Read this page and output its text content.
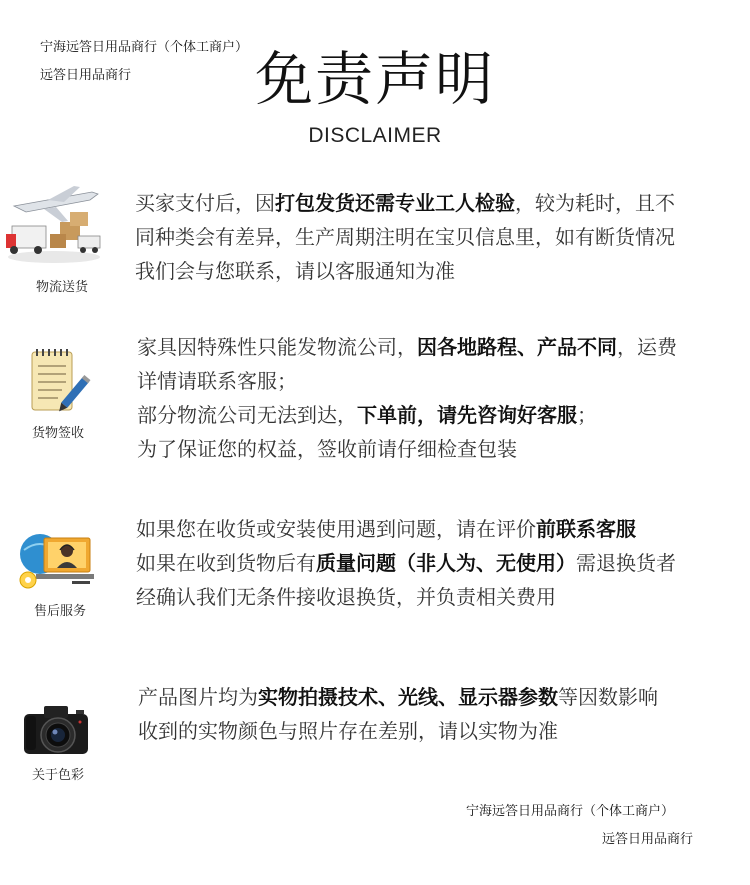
宁海远答日用品商行（个体工商户）
远答日用品商行	免责声明
DISCLAIMER
物流送货
买家支付后，因打包发货还需专业工人检验，较为耗时，且不
同种类会有差异，生产周期注明在宝贝信息里，如有断货情况
我们会与您联系，请以客服通知为准
货物签收
家具因特殊性只能发物流公司，因各地路程、产品不同，运费
详情请联系客服；
部分物流公司无法到达，下单前，请先咨询好客服；
为了保证您的权益，签收前请仔细检查包装
售后服务
如果您在收货或安装使用遇到问题，请在评价前联系客服
如果在收到货物后有质量问题（非人为、无使用）需退换货者
经确认我们无条件接收退换货，并负责相关费用
关于色彩
产品图片均为实物拍摄技术、光线、显示器参数等因数影响
收到的实物颜色与照片存在差别，请以实物为准
宁海远答日用品商行（个体工商户）
远答日用品商行
